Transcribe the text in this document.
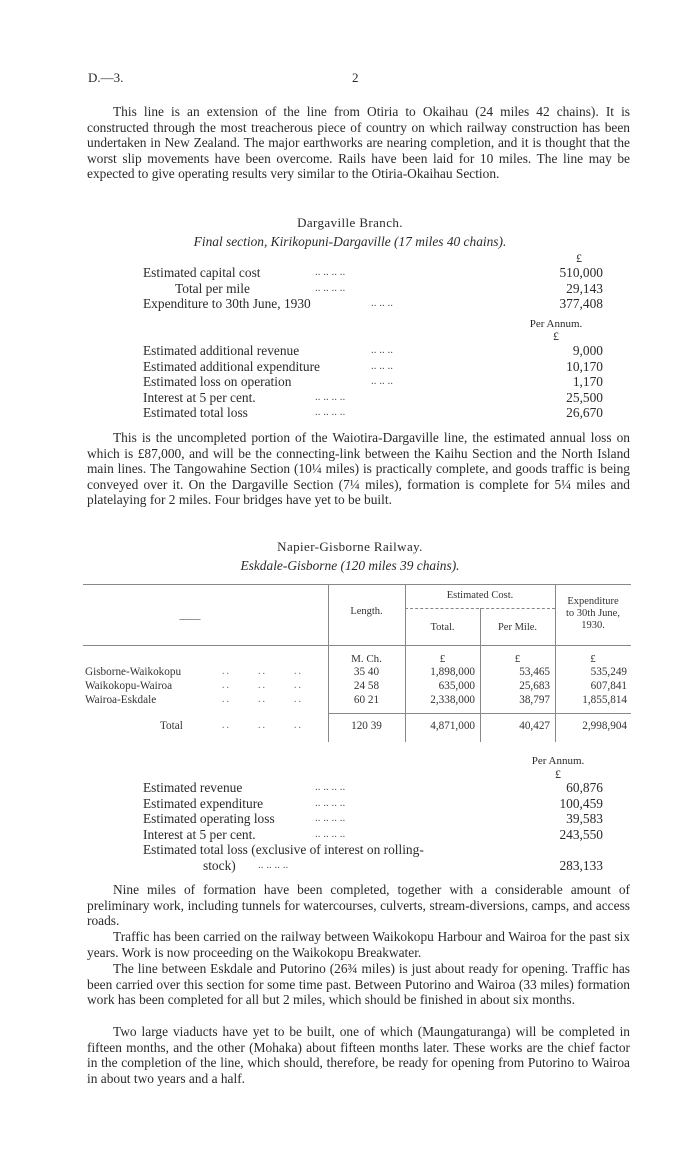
D.—3.	2

This line is an extension of the line from Otiria to Okaihau (24 miles 42 chains). It is constructed through the most treacherous piece of country on which railway construction has been undertaken in New Zealand. The major earthworks are nearing completion, and it is thought that the worst slip movements have been overcome. Rails have been laid for 10 miles. The line may be expected to give operating results very similar to the Otiria-Okaihau Section.

Dargaville Branch.
Final section, Kirikopuni-Dargaville (17 miles 40 chains).
£
Estimated capital cost	.. .. .. ..	510,000
Total per mile	.. .. .. ..	29,143
Expenditure to 30th June, 1930	.. .. ..	377,408
Per Annum.
£
Estimated additional revenue	.. .. ..	9,000
Estimated additional expenditure	.. .. ..	10,170
Estimated loss on operation	.. .. ..	1,170
Interest at 5 per cent.	.. .. .. ..	25,500
Estimated total loss	.. .. .. ..	26,670

This is the uncompleted portion of the Waiotira-Dargaville line, the estimated annual loss on which is £87,000, and will be the connecting-link between the Kaihu Section and the North Island main lines. The Tangowahine Section (10¼ miles) is practically complete, and goods traffic is being conveyed over it. On the Dargaville Section (7¼ miles), formation is complete for 5¼ miles and platelaying for 2 miles. Four bridges have yet to be built.

Napier-Gisborne Railway.
Eskdale-Gisborne (120 miles 39 chains).
——
Length.
Estimated Cost.
Total.	Per Mile.
Expenditure
to 30th June,
1930.
M. Ch.	£	£	£
Gisborne-Waikokopu	..      ..      ..	35 40	1,898,000	53,465	535,249
Waikokopu-Wairoa	..      ..      ..	24 58	635,000	25,683	607,841
Wairoa-Eskdale	..      ..      ..	60 21	2,338,000	38,797	1,855,814
Total	..      ..      ..	120 39	4,871,000	40,427	2,998,904
Per Annum.
£
Estimated revenue	.. .. .. ..	60,876
Estimated expenditure	.. .. .. ..	100,459
Estimated operating loss	.. .. .. ..	39,583
Interest at 5 per cent.	.. .. .. ..	243,550
Estimated total loss (exclusive of interest on rolling-
stock) .. .. .. ..	283,133

Nine miles of formation have been completed, together with a considerable amount of preliminary work, including tunnels for watercourses, culverts, stream-diversions, camps, and access roads.

Traffic has been carried on the railway between Waikokopu Harbour and Wairoa for the past six years. Work is now proceeding on the Waikokopu Breakwater.

The line between Eskdale and Putorino (26¾ miles) is just about ready for opening. Traffic has been carried over this section for some time past. Between Putorino and Wairoa (33 miles) formation work has been completed for all but 2 miles, which should be finished in about six months.

Two large viaducts have yet to be built, one of which (Maungaturanga) will be completed in fifteen months, and the other (Mohaka) about fifteen months later. These works are the chief factor in the completion of the line, which should, therefore, be ready for opening from Putorino to Wairoa in about two years and a half.
